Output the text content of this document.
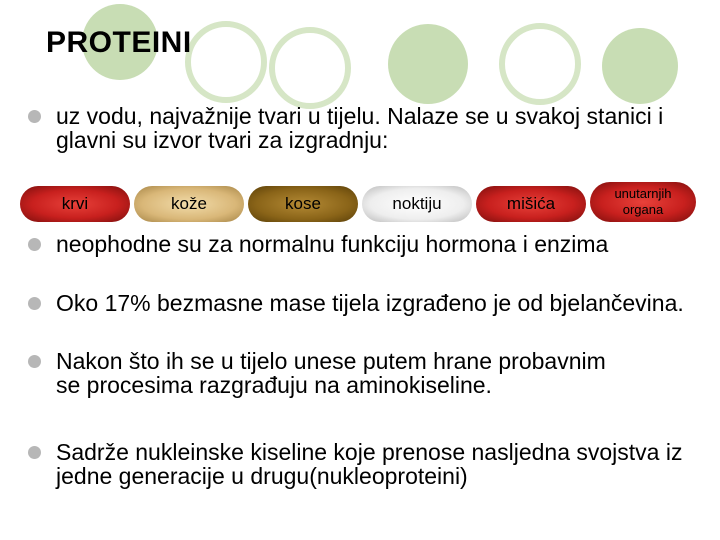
PROTEINI

uz vodu, najvažnije tvari u tijelu. Nalaze se u svakoj stanici i glavni su izvor tvari za izgradnju:

krvi	kože	kose	noktiju	mišića
unutarnjih organa

neophodne su za normalnu funkciju hormona i enzima

Oko 17% bezmasne mase tijela izgrađeno je od bjelančevina.

Nakon što ih se u tijelo unese putem hrane probavnim se procesima razgrađuju na aminokiseline.

Sadrže nukleinske kiseline koje prenose nasljedna svojstva iz jedne generacije u drugu(nukleoproteini)
